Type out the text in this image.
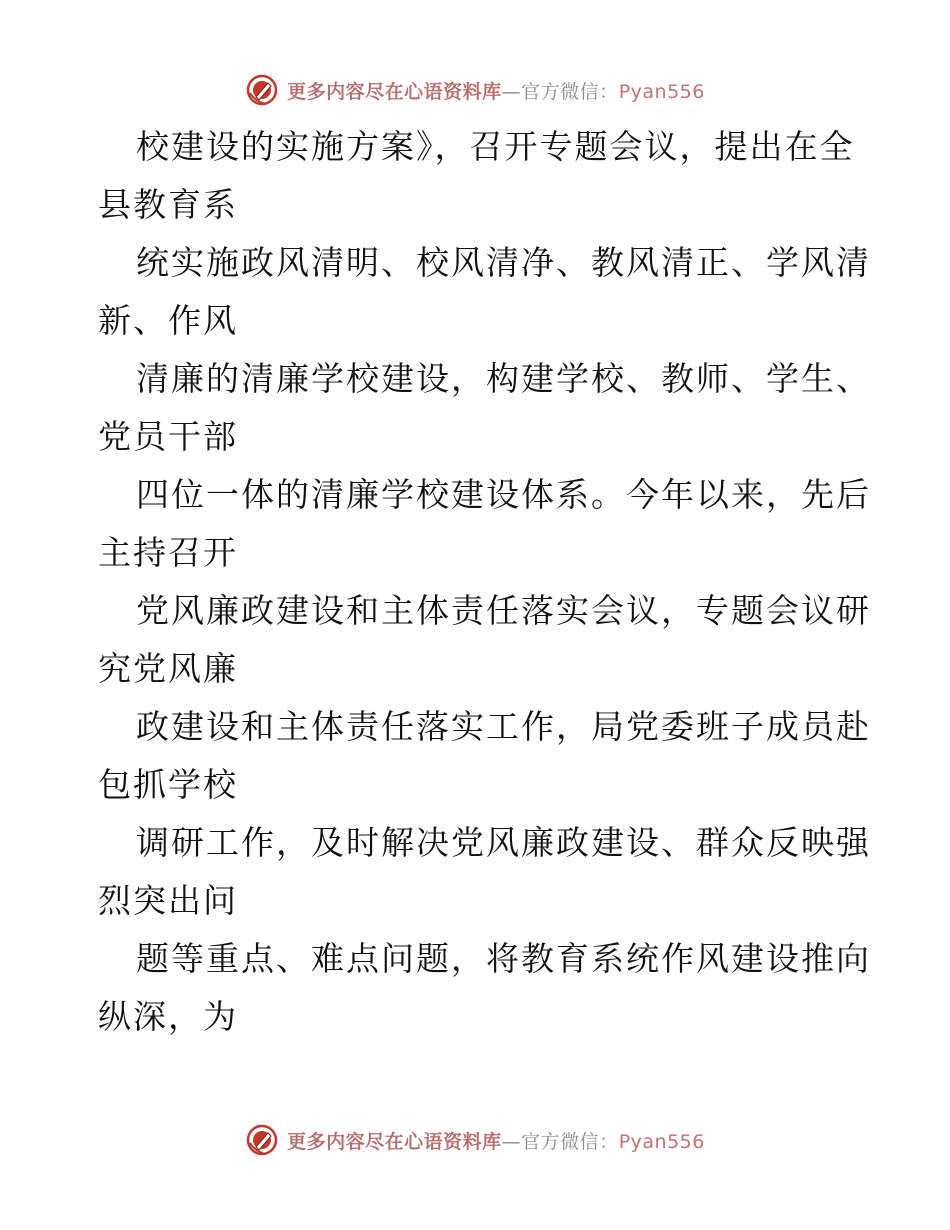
更多内容尽在心语资料库—官方微信：Pyan556

校建设的实施方案》，召开专题会议，提出在全

县教育系

统实施政风清明、校风清净、教风清正、学风清

新、作风

清廉的清廉学校建设，构建学校、教师、学生、

党员干部

四位一体的清廉学校建设体系。今年以来，先后

主持召开

党风廉政建设和主体责任落实会议，专题会议研

究党风廉

政建设和主体责任落实工作，局党委班子成员赴

包抓学校

调研工作，及时解决党风廉政建设、群众反映强

烈突出问

题等重点、难点问题，将教育系统作风建设推向

纵深，为

更多内容尽在心语资料库—官方微信：Pyan556
